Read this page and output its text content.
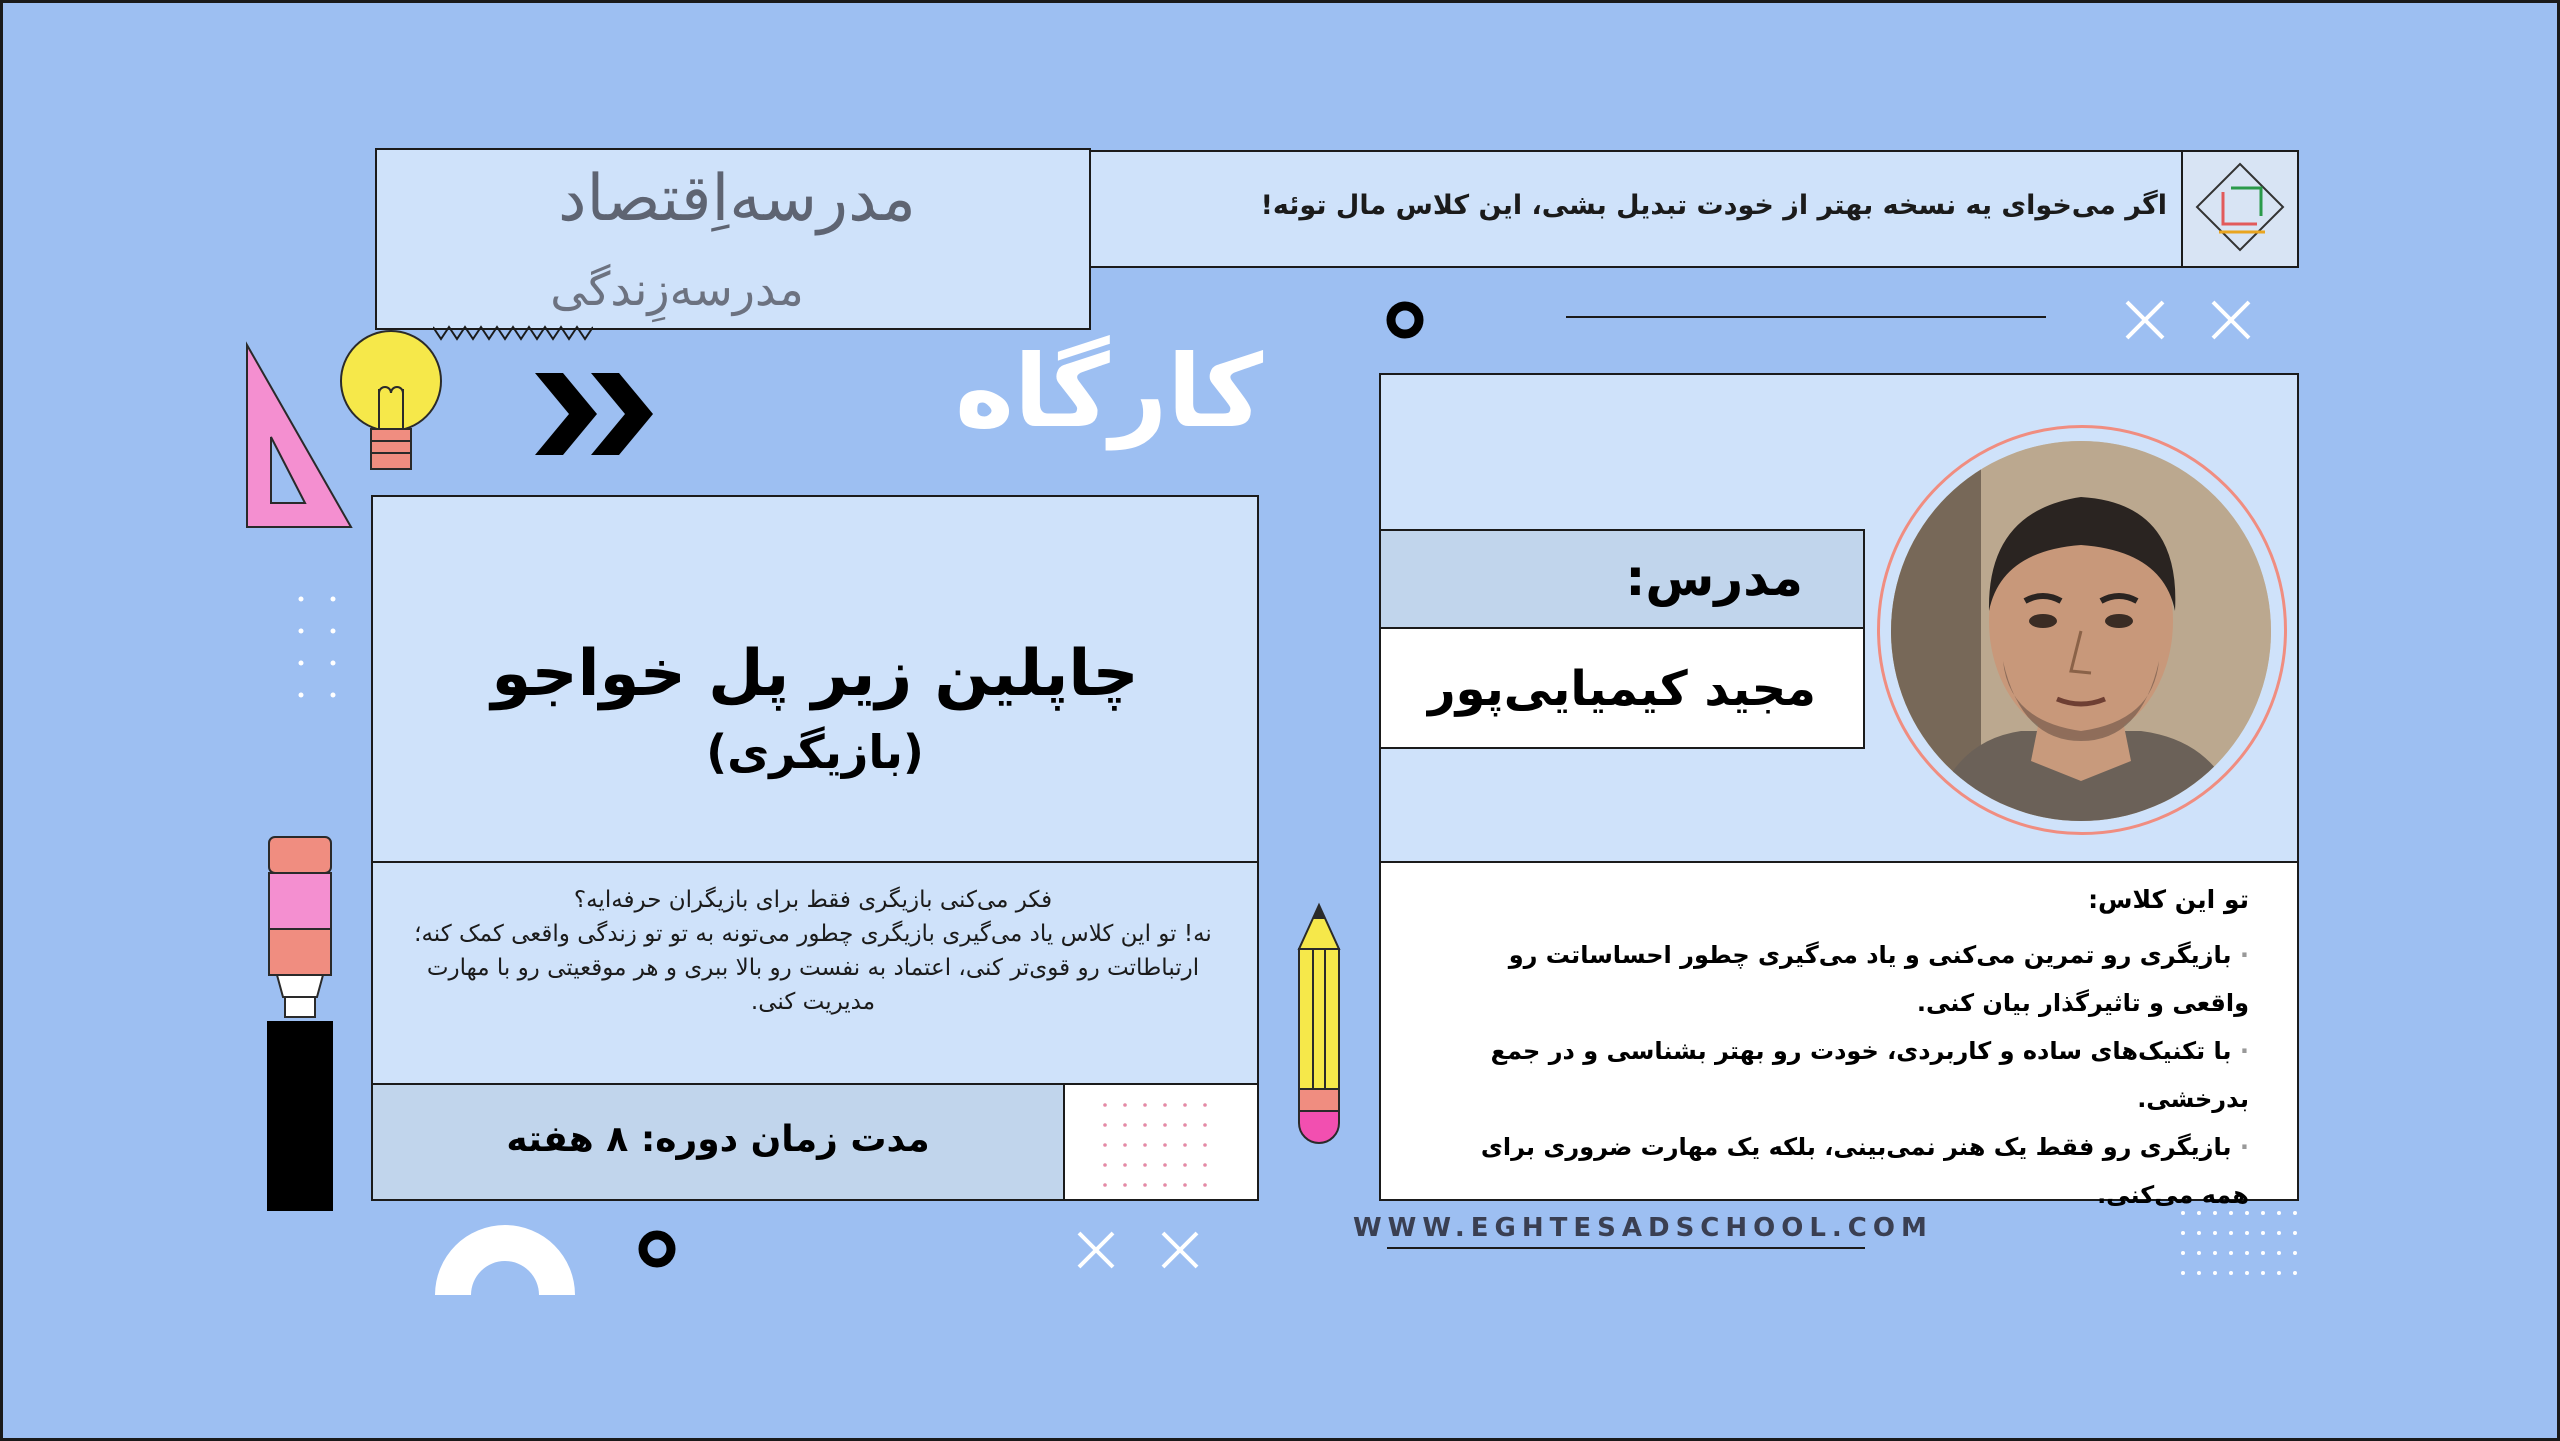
مدرسه‌اِقتصاد
مدرسه‌زِندگی
اگر می‌خوای یه نسخه بهتر از خودت تبدیل بشی، این کلاس مال توئه!
کارگاه
چاپلین زیر پل خواجو
(بازیگری)
فکر می‌کنی بازیگری فقط برای بازیگران حرفه‌ایه؟
نه! تو این کلاس یاد می‌گیری بازیگری چطور می‌تونه به تو تو زندگی واقعی کمک کنه؛
ارتباطاتت رو قوی‌تر کنی، اعتماد به نفست رو بالا ببری و هر موقعیتی رو با مهارت
مدیریت کنی.
مدت زمان دوره: ۸ هفته
مدرس:
مجید کیمیایی‌پور
تو این کلاس:
· بازیگری رو تمرین می‌کنی و یاد می‌گیری چطور احساساتت رو واقعی و تاثیرگذار بیان کنی.
· با تکنیک‌های ساده و کاربردی، خودت رو بهتر بشناسی و در جمع بدرخشی.
· بازیگری رو فقط یک هنر نمی‌بینی، بلکه یک مهارت ضروری برای همه می‌کنی.
WWW.EGHTESADSCHOOL.COM
